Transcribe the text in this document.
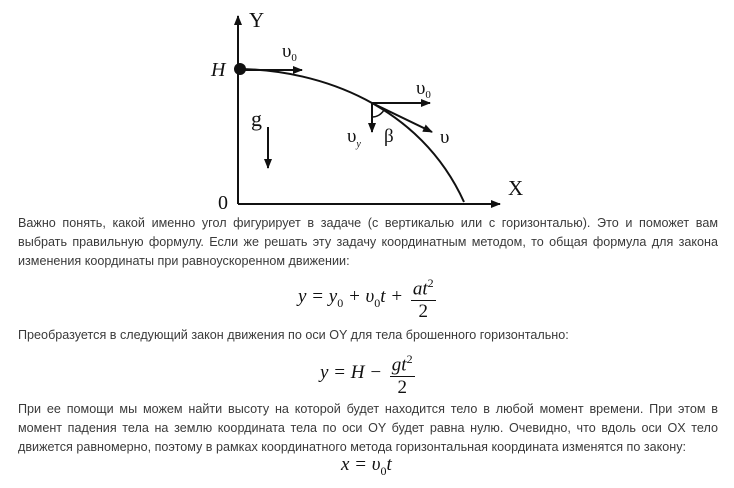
Y
X
0
H
g
$\upsilon_0$
$\upsilon_0$
$\upsilon_y$ β υ

Важно понять, какой именно угол фигурирует в задаче (с вертикалью или с горизонталью). Это и поможет вам выбрать правильную формулу. Если же решать эту задачу координатным методом, то общая формула для закона изменения координаты при равноускоренном движении:

$y = y_0 + \upsilon_0t + \frac{at^2}{2}$

Преобразуется в следующий закон движения по оси OY для тела брошенного горизонтально:

$y = H - \frac{gt^2}{2}$

При ее помощи мы можем найти высоту на которой будет находится тело в любой момент времени. При этом в момент падения тела на землю координата тела по оси OY будет равна нулю. Очевидно, что вдоль оси OX тело движется равномерно, поэтому в рамках координатного метода горизонтальная координата изменятся по закону:

$x = \upsilon_0t$
